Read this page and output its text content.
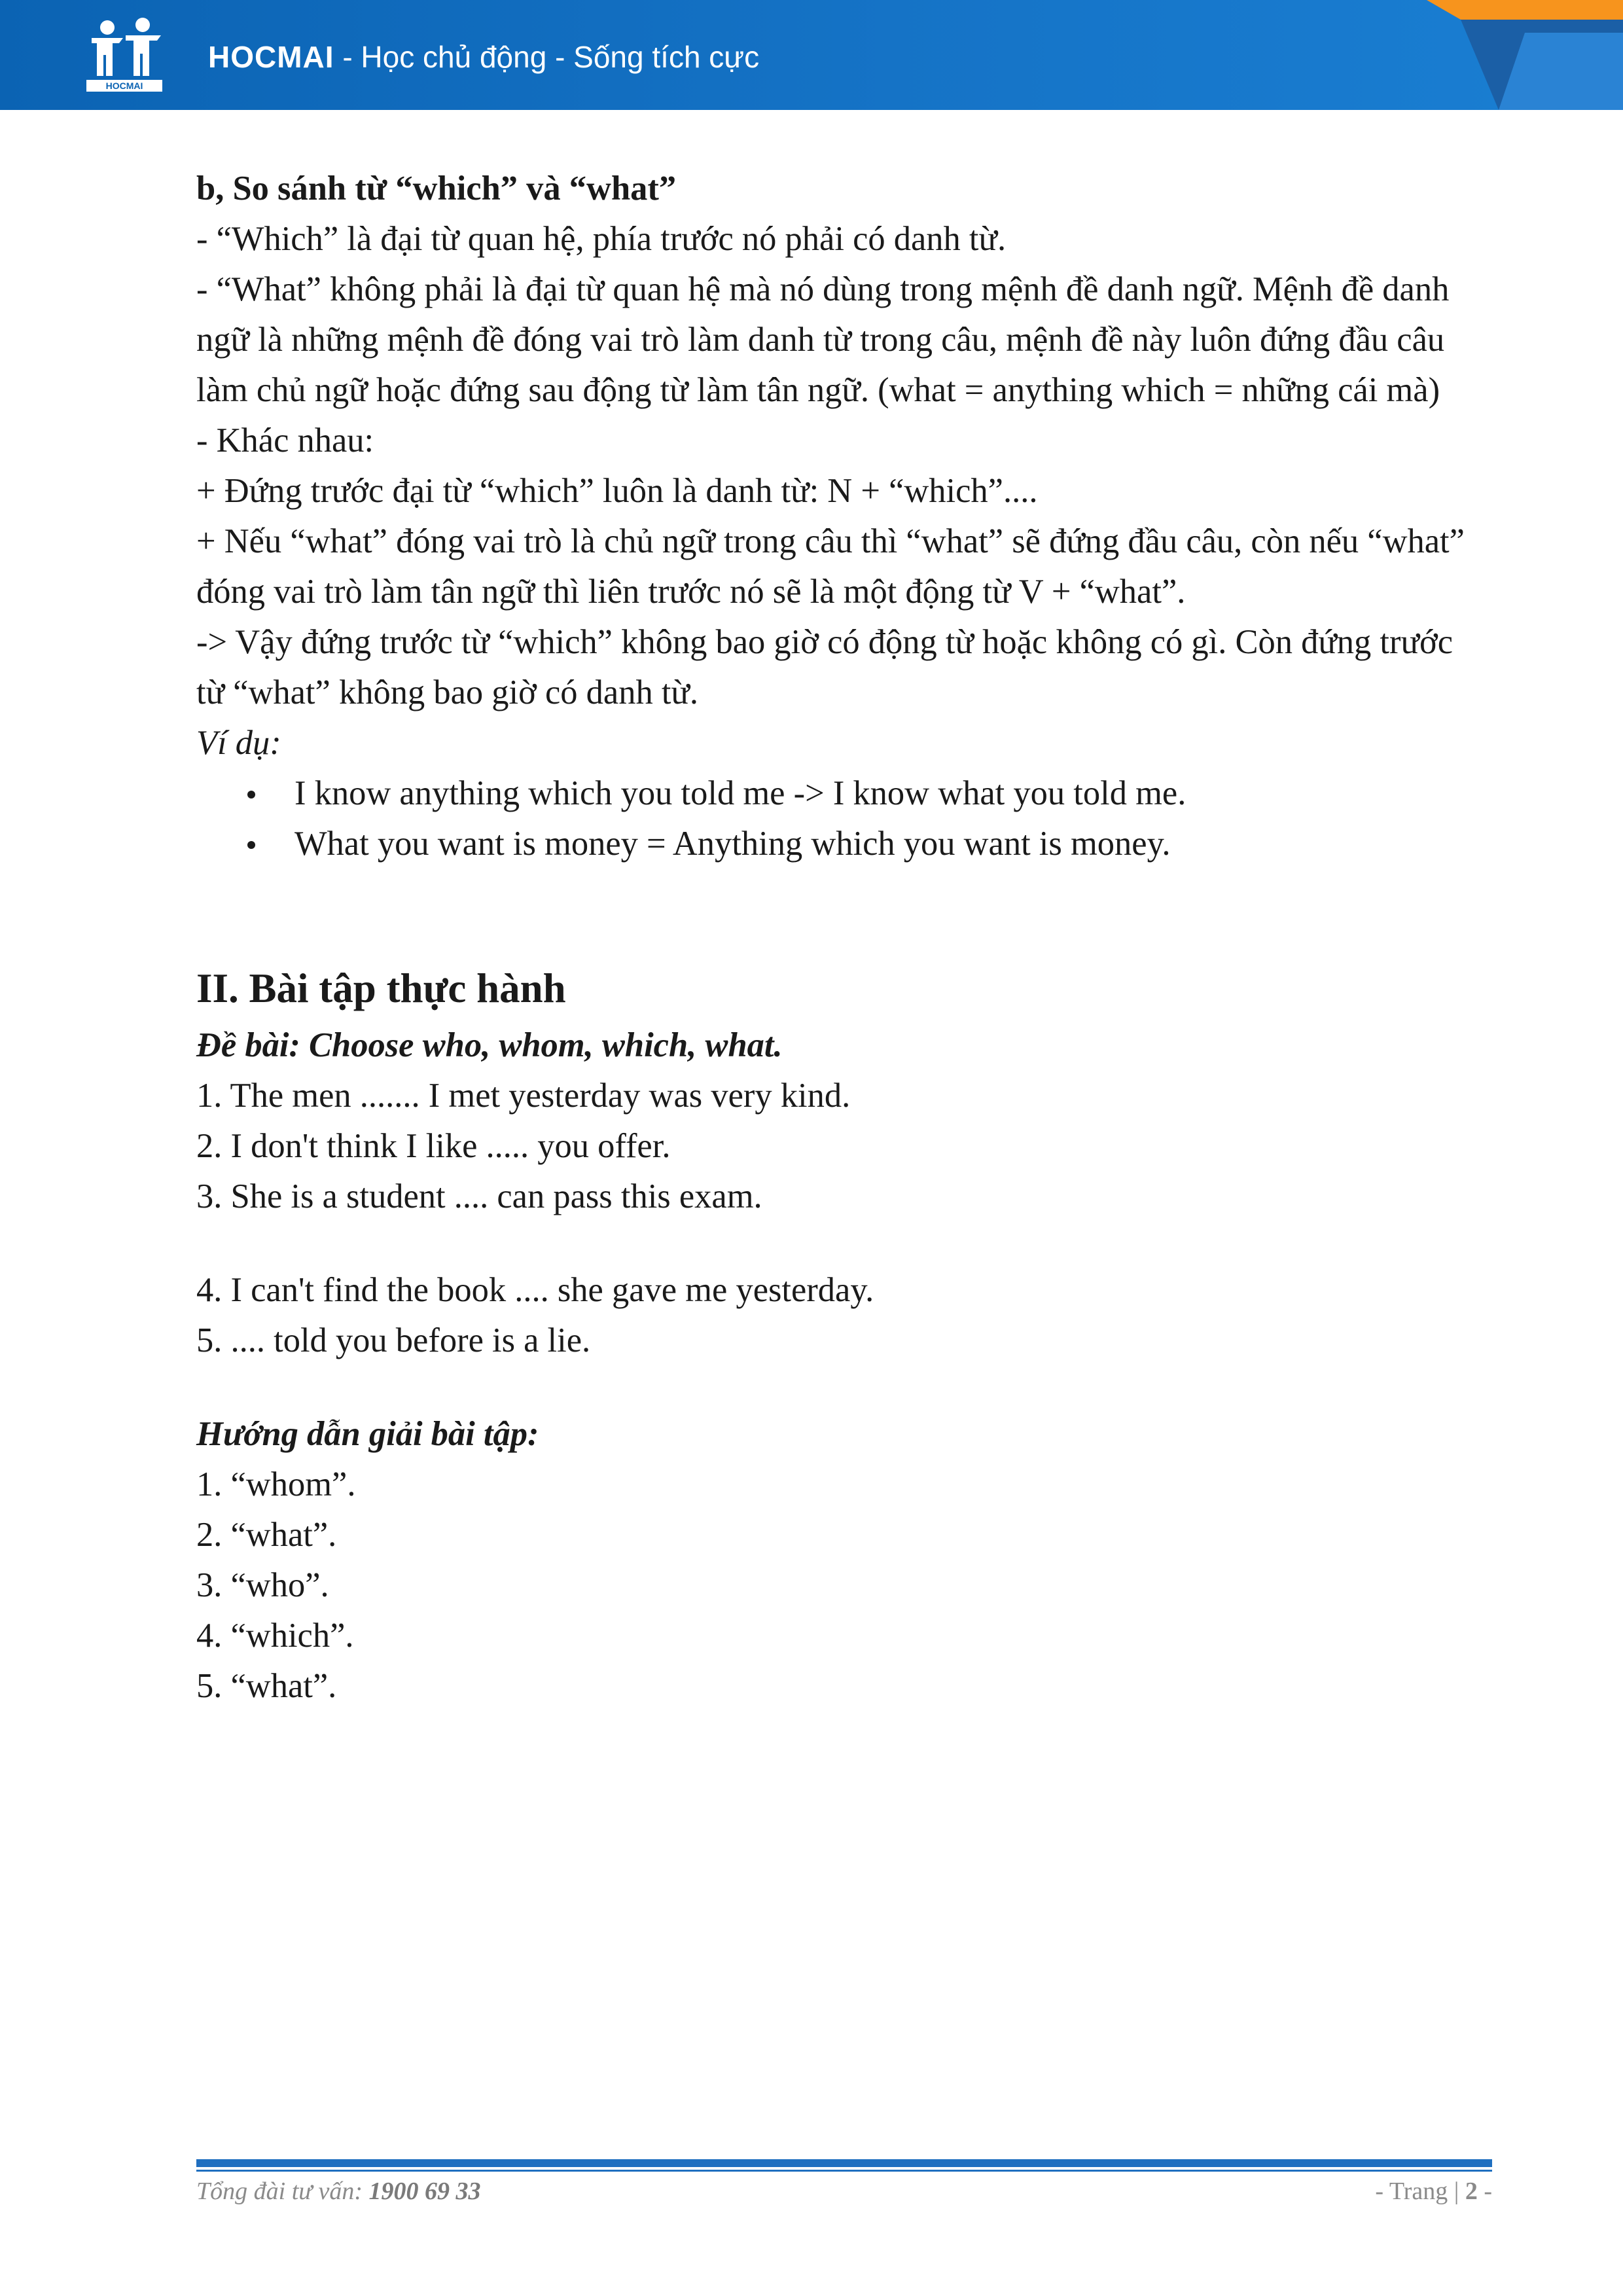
HOCMAI
HOCMAI - Học chủ động - Sống tích cực

b, So sánh từ “which” và “what”

- “Which” là đại từ quan hệ, phía trước nó phải có danh từ.

- “What” không phải là đại từ quan hệ mà nó dùng trong mệnh đề danh ngữ. Mệnh đề danh ngữ là những mệnh đề đóng vai trò làm danh từ trong câu, mệnh đề này luôn đứng đầu câu làm chủ ngữ hoặc đứng sau động từ làm tân ngữ. (what = anything which = những cái mà)

- Khác nhau:

+ Đứng trước đại từ “which” luôn là danh từ: N + “which”....

+ Nếu “what” đóng vai trò là chủ ngữ trong câu thì “what” sẽ đứng đầu câu, còn nếu “what” đóng vai trò làm tân ngữ thì liên trước nó sẽ là một động từ V + “what”.

-> Vậy đứng trước từ “which” không bao giờ có động từ hoặc không có gì. Còn đứng trước từ “what” không bao giờ có danh từ.

Ví dụ:

I know anything which you told me -> I know what you told me.
What you want is money = Anything which you want is money.

II. Bài tập thực hành

Đề bài: Choose who, whom, which, what.

1. The men ....... I met yesterday was very kind.

2. I don't think I like ..... you offer.

3. She is a student .... can pass this exam.

4. I can't find the book .... she gave me yesterday.

5. .... told you before is a lie.

Hướng dẫn giải bài tập:

1. “whom”.

2. “what”.

3. “who”.

4. “which”.

5. “what”.

Tổng đài tư vấn: 1900 69 33	- Trang | 2 -
